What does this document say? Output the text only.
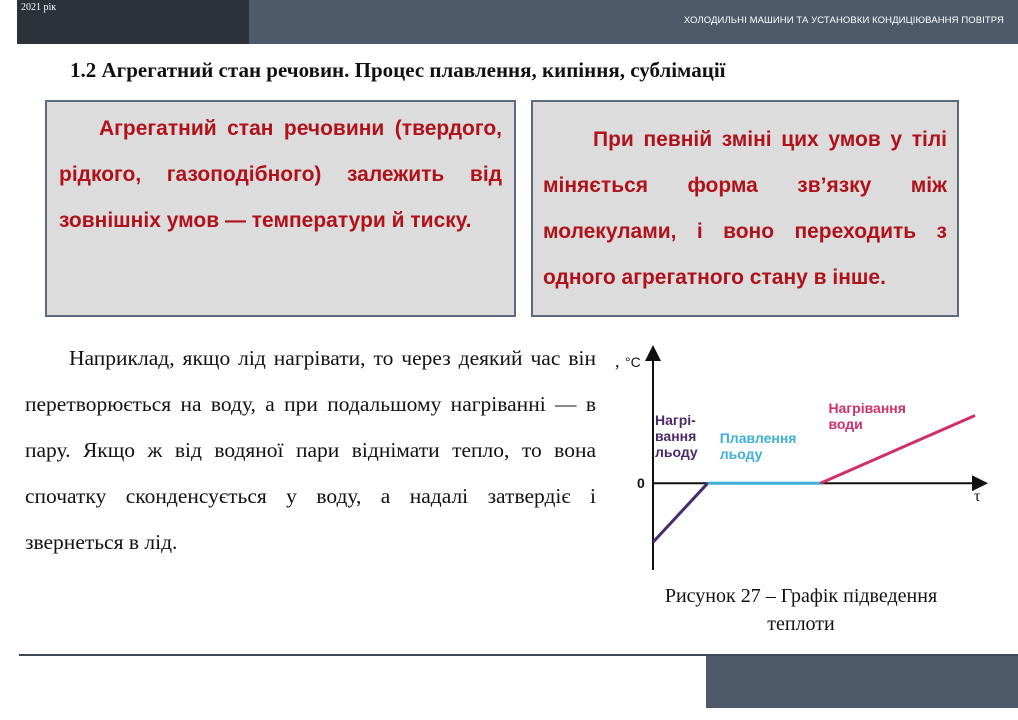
2021 рік
ХОЛОДИЛЬНІ МАШИНИ ТА УСТАНОВКИ КОНДИЦІЮВАННЯ ПОВІТРЯ
1.2 Агрегатний стан речовин. Процес плавлення, кипіння, сублімації

Агрегатний стан речовини (твердого, рідкого, газоподібного) залежить від зовнішніх умов — температури й тиску.

При певній зміні цих умов у тілі міняється форма зв’язку між молекулами, і воно переходить з одного агрегатного стану в інше.

Наприклад, якщо лід нагрівати, то через деякий час він перетворюється на воду, а при подальшому нагріванні — в пару. Якщо ж від водяної пари віднімати тепло, то вона спочатку сконденсується у воду, а надалі затвердіє і звернеться в лід.

, °C
τ
0
Нагрі-вання льоду
Плавлення льоду
Нагрівання води

Рисунок 27 – Графік підведення
теплоти
